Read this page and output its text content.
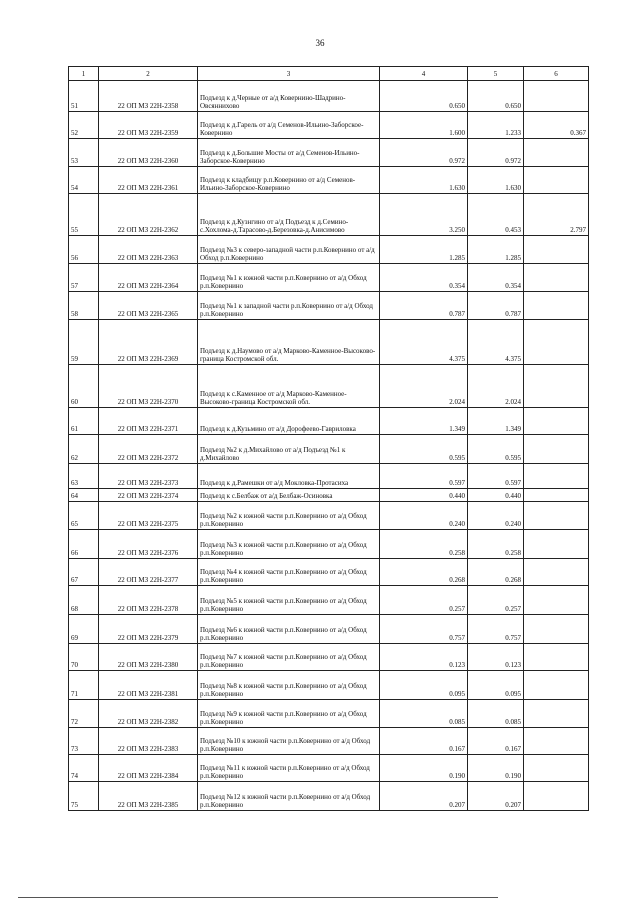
36
1	2	3	4	5	6
51	22 ОП МЗ 22Н-2358	Подъезд к д.Черные от а/д Ковернино-Шадрино-Овсяннихово	0.650	0.650	
52	22 ОП МЗ 22Н-2359	Подъезд к д.Гарель от а/д Семенов-Ильино-Заборское-Ковернино	1.600	1.233	0.367
53	22 ОП МЗ 22Н-2360	Подъезд к д.Большие Мосты от а/д Семенов-Ильино-Заборское-Ковернино	0.972	0.972	
54	22 ОП МЗ 22Н-2361	Подъезд к кладбищу р.п.Ковернино от а/д Семенов-Ильино-Заборское-Ковернино	1.630	1.630	
55	22 ОП МЗ 22Н-2362	Подъезд к д.Кузнгино от а/д Подъезд к д.Семино-с.Хохлома-д.Тарасово-д.Березовка-д.Анисимово	3.250	0.453	2.797
56	22 ОП МЗ 22Н-2363	Подъезд №3 к северо-западной части р.п.Ковернино от а/д Обход р.п.Ковернино	1.285	1.285	
57	22 ОП МЗ 22Н-2364	Подъезд №1 к южной части р.п.Ковернино от а/д Обход р.п.Ковернино	0.354	0.354	
58	22 ОП МЗ 22Н-2365	Подъезд №1 к западной части р.п.Ковернино от а/д Обход р.п.Ковернино	0.787	0.787	
59	22 ОП МЗ 22Н-2369	Подъезд к д.Наумово от а/д Марково-Каменное-Высоково-граница Костромской обл.	4.375	4.375	
60	22 ОП МЗ 22Н-2370	Подъезд к с.Каменное от а/д Марково-Каменное-Высоково-граница Костромской обл.	2.024	2.024	
61	22 ОП МЗ 22Н-2371	Подъезд к д.Кузьмино от а/д Дорофеево-Гавриловка	1.349	1.349	
62	22 ОП МЗ 22Н-2372	Подъезд №2 к д.Михайлово от а/д Подъезд №1 к д.Михайлово	0.595	0.595	
63	22 ОП МЗ 22Н-2373	Подъезд к д.Рамешки от а/д Мокловка-Протасиха	0.597	0.597	
64	22 ОП МЗ 22Н-2374	Подъезд к с.Белбаж от а/д Белбаж-Осиновка	0.440	0.440	
65	22 ОП МЗ 22Н-2375	Подъезд №2 к южной части р.п.Ковернино от а/д Обход р.п.Ковернино	0.240	0.240	
66	22 ОП МЗ 22Н-2376	Подъезд №3 к южной части р.п.Ковернино от а/д Обход р.п.Ковернино	0.258	0.258	
67	22 ОП МЗ 22Н-2377	Подъезд №4 к южной части р.п.Ковернино от а/д Обход р.п.Ковернино	0.268	0.268	
68	22 ОП МЗ 22Н-2378	Подъезд №5 к южной части р.п.Ковернино от а/д Обход р.п.Ковернино	0.257	0.257	
69	22 ОП МЗ 22Н-2379	Подъезд №6 к южной части р.п.Ковернино от а/д Обход р.п.Ковернино	0.757	0.757	
70	22 ОП МЗ 22Н-2380	Подъезд №7 к южной части р.п.Ковернино от а/д Обход р.п.Ковернино	0.123	0.123	
71	22 ОП МЗ 22Н-2381	Подъезд №8 к южной части р.п.Ковернино от а/д Обход р.п.Ковернино	0.095	0.095	
72	22 ОП МЗ 22Н-2382	Подъезд №9 к южной части р.п.Ковернино от а/д Обход р.п.Ковернино	0.085	0.085	
73	22 ОП МЗ 22Н-2383	Подъезд №10 к южной части р.п.Ковернино от а/д Обход р.п.Ковернино	0.167	0.167	
74	22 ОП МЗ 22Н-2384	Подъезд №11 к южной части р.п.Ковернино от а/д Обход р.п.Ковернино	0.190	0.190	
75	22 ОП МЗ 22Н-2385	Подъезд №12 к южной части р.п.Ковернино от а/д Обход р.п.Ковернино	0.207	0.207	
